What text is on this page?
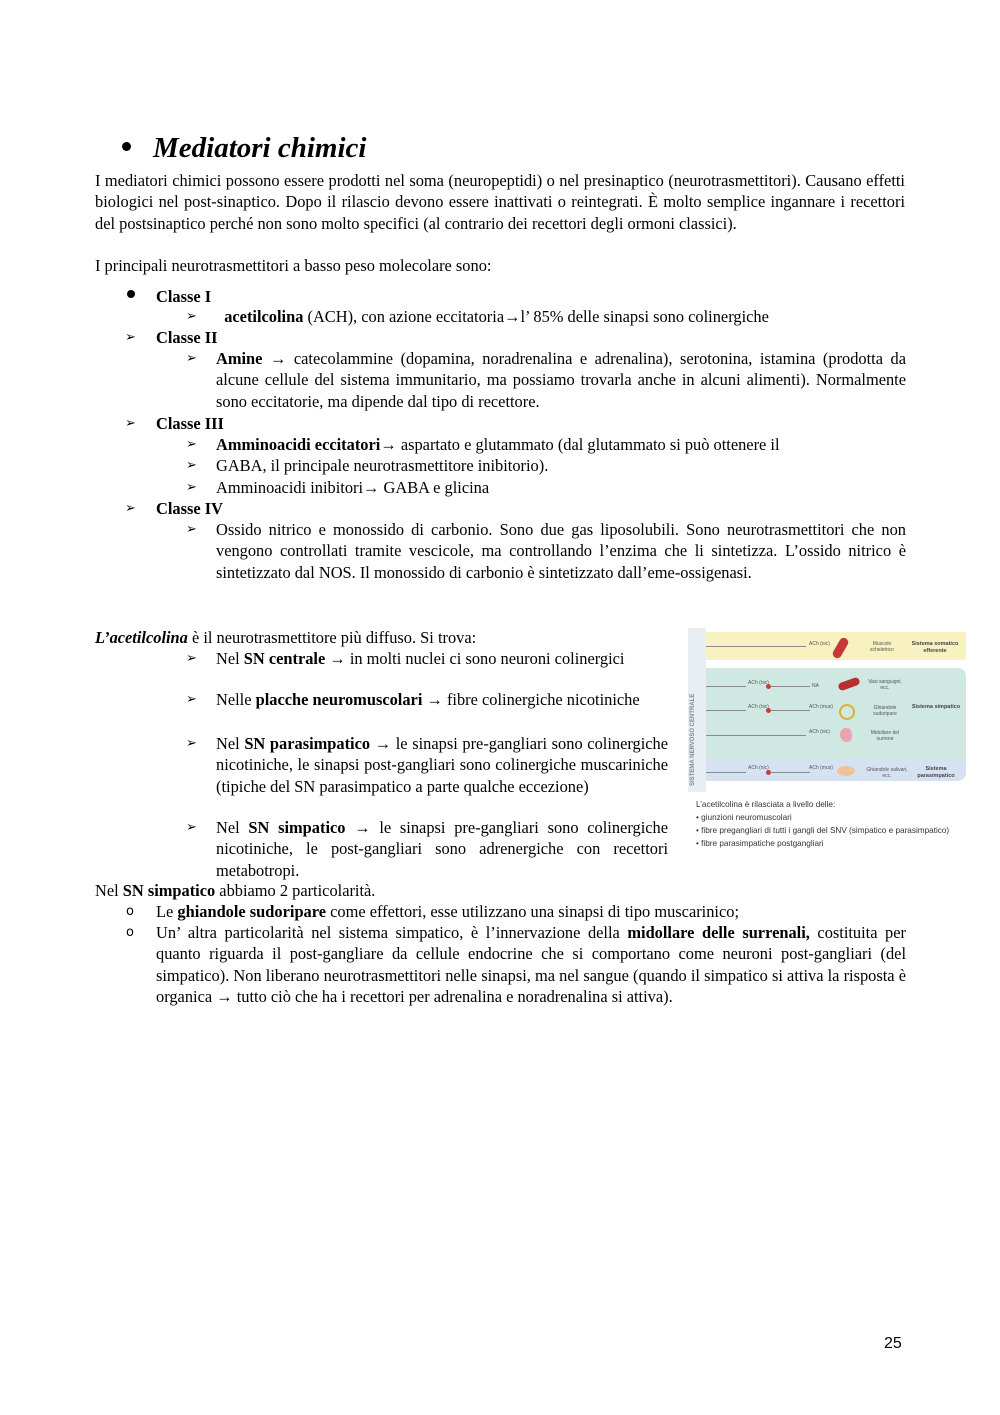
Mediatori chimici
I mediatori chimici possono essere prodotti nel soma (neuropeptidi) o nel presinaptico (neurotrasmettitori). Causano effetti biologici nel post-sinaptico. Dopo il rilascio devono essere inattivati o reintegrati. È molto semplice ingannare i recettori del postsinaptico perché non sono molto specifici (al contrario dei recettori degli ormoni classici).
I principali neurotrasmettitori a basso peso molecolare sono:
Classe I
➢	acetilcolina (ACH), con azione eccitatoria→l’ 85% delle sinapsi sono colinergiche
➢ Classe II
➢ Amine → catecolammine (dopamina, noradrenalina e adrenalina), serotonina, istamina (prodotta da alcune cellule del sistema immunitario, ma possiamo trovarla anche in alcuni alimenti). Normalmente sono eccitatorie, ma dipende dal tipo di recettore.
➢ Classe III
➢ Amminoacidi eccitatori→ aspartato e glutammato (dal glutammato si può ottenere il
➢ GABA, il principale neurotrasmettitore inibitorio).
➢ Amminoacidi inibitori→ GABA e glicina
➢ Classe IV
➢ Ossido nitrico e monossido di carbonio. Sono due gas liposolubili. Sono neurotrasmettitori che non vengono controllati tramite vescicole, ma controllando l’enzima che li sintetizza. L’ossido nitrico è sintetizzato dal NOS. Il monossido di carbonio è sintetizzato dall’eme-ossigenasi.
L’acetilcolina è il neurotrasmettitore più diffuso. Si trova:
➢ Nel SN centrale → in molti nuclei ci sono neuroni colinergici
➢ Nelle placche neuromuscolari → fibre colinergiche nicotiniche
➢ Nel SN parasimpatico → le sinapsi pre-gangliari sono colinergiche nicotiniche, le sinapsi post-gangliari sono colinergiche muscariniche (tipiche del SN parasimpatico a parte qualche eccezione)
➢ Nel SN simpatico → le sinapsi pre-gangliari sono colinergiche nicotiniche, le post-gangliari sono adrenergiche con recettori metabotropi.
Nel SN simpatico abbiamo 2 particolarità.
o Le ghiandole sudoripare come effettori, esse utilizzano una sinapsi di tipo muscarinico;
o Un’ altra particolarità nel sistema simpatico, è l’innervazione della midollare delle surrenali, costituita per quanto riguarda il post-gangliare da cellule endocrine che si comportano come neuroni post-gangliari (del simpatico). Non liberano neurotrasmettitori nelle sinapsi, ma nel sangue (quando il simpatico si attiva la risposta è organica → tutto ciò che ha i recettori per adrenalina e noradrenalina si attiva).
SISTEMA NERVOSO CENTRALE
ACh (nic)	Muscolo scheletrico
Sistema somatico efferente
ACh (nic)	NA
Vasi sanguigni, ecc.
ACh (nic)	ACh (mus)	Ghiandole sudoripare
Sistema simpatico
ACh (nic)	Midollare del surrene
ACh (nic)	ACh (mus)	Ghiandole salivari, ecc.
Sistema parasimpatico
L’acetilcolina è rilasciata a livello delle:
• giunzioni neuromuscolari
• fibre pregangliari di tutti i gangli del SNV (simpatico e parasimpatico)
• fibre parasimpatiche postgangliari
25
